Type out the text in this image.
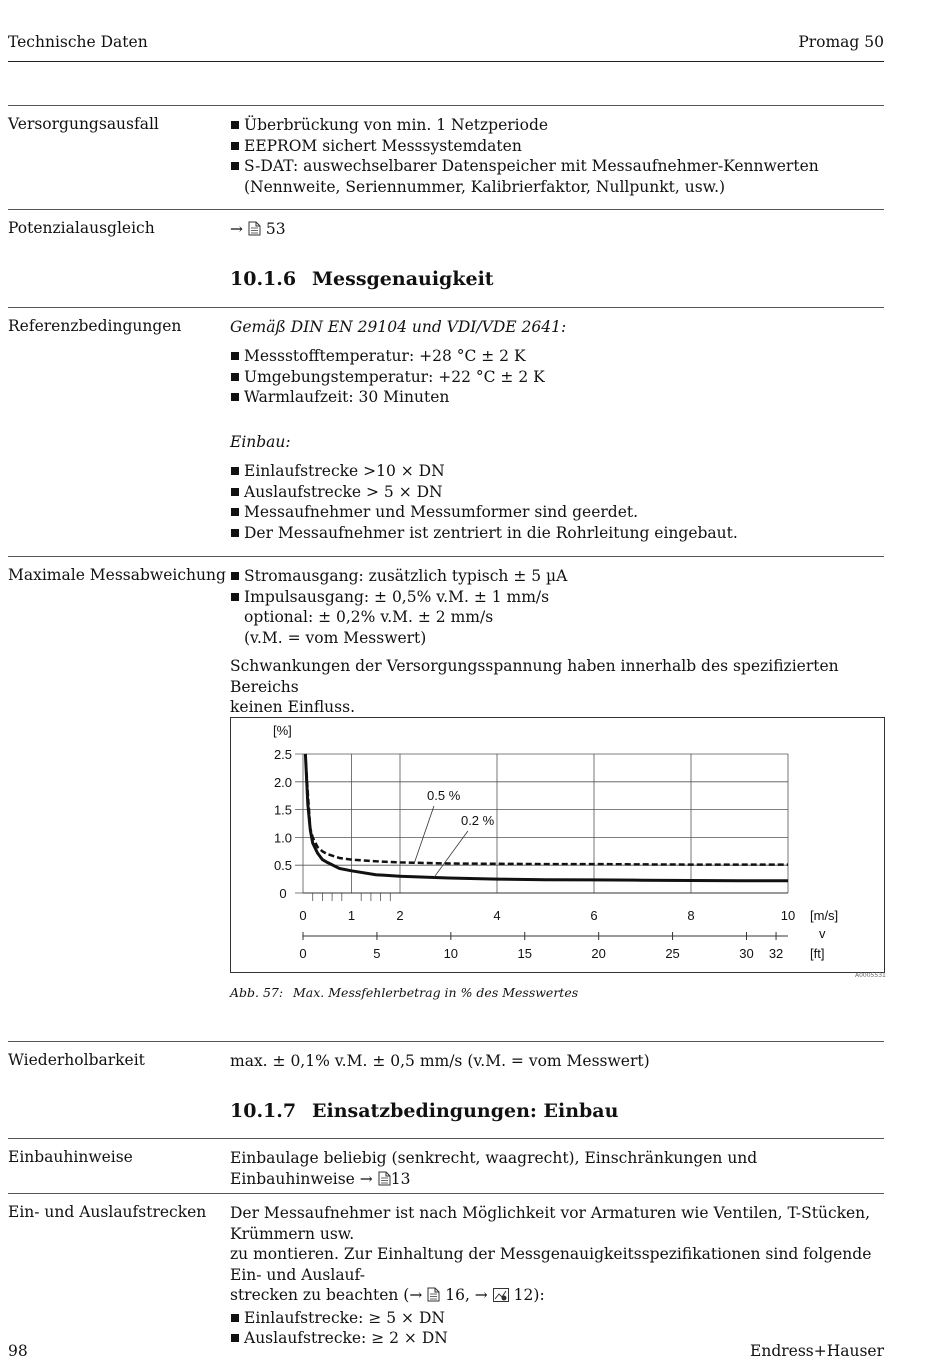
Technische Daten	Promag 50
Versorgungsausfall	Überbrückung von min. 1 Netzperiode
EEPROM sichert Messsystemdaten
S-DAT: auswechselbarer Datenspeicher mit Messaufnehmer-Kennwerten
(Nennweite, Seriennummer, Kalibrierfaktor, Nullpunkt, usw.)
Potenzialausgleich	→ 53
10.1.6 Messgenauigkeit
Referenzbedingungen	Gemäß DIN EN 29104 und VDI/VDE 2641:
Messstofftemperatur: +28 °C ± 2 K
Umgebungstemperatur: +22 °C ± 2 K
Warmlaufzeit: 30 Minuten
Einbau:
Einlaufstrecke >10 × DN
Auslaufstrecke > 5 × DN
Messaufnehmer und Messumformer sind geerdet.
Der Messaufnehmer ist zentriert in die Rohrleitung eingebaut.
Maximale Messabweichung	Stromausgang: zusätzlich typisch ± 5 µA
Impulsausgang: ± 0,5% v.M. ± 1 mm/s
optional: ± 0,2% v.M. ± 2 mm/s
(v.M. = vom Messwert)
Schwankungen der Versorgungsspannung haben innerhalb des spezifizierten Bereichs
keinen Einfluss.
2.5
2.0
1.5
1.0
0.5
0
[%]
0	1	2	4	6	8	10 [m/s]
v
0	5	10	15	20	25	30 32 [ft]
0.5 %
0.2 %
A0005531
Abb. 57: Max. Messfehlerbetrag in % des Messwertes
Wiederholbarkeit	max. ± 0,1% v.M. ± 0,5 mm/s (v.M. = vom Messwert)
10.1.7 Einsatzbedingungen: Einbau
Einbauhinweise	Einbaulage beliebig (senkrecht, waagrecht), Einschränkungen und Einbauhinweise → 13
Ein- und Auslaufstrecken Der Messaufnehmer ist nach Möglichkeit vor Armaturen wie Ventilen, T-Stücken, Krümmern usw.
zu montieren. Zur Einhaltung der Messgenauigkeitsspezifikationen sind folgende Ein- und Auslauf-
strecken zu beachten (→ 16, → 12):
Einlaufstrecke: ≥ 5 × DN
Auslaufstrecke: ≥ 2 × DN
98	Endress+Hauser
